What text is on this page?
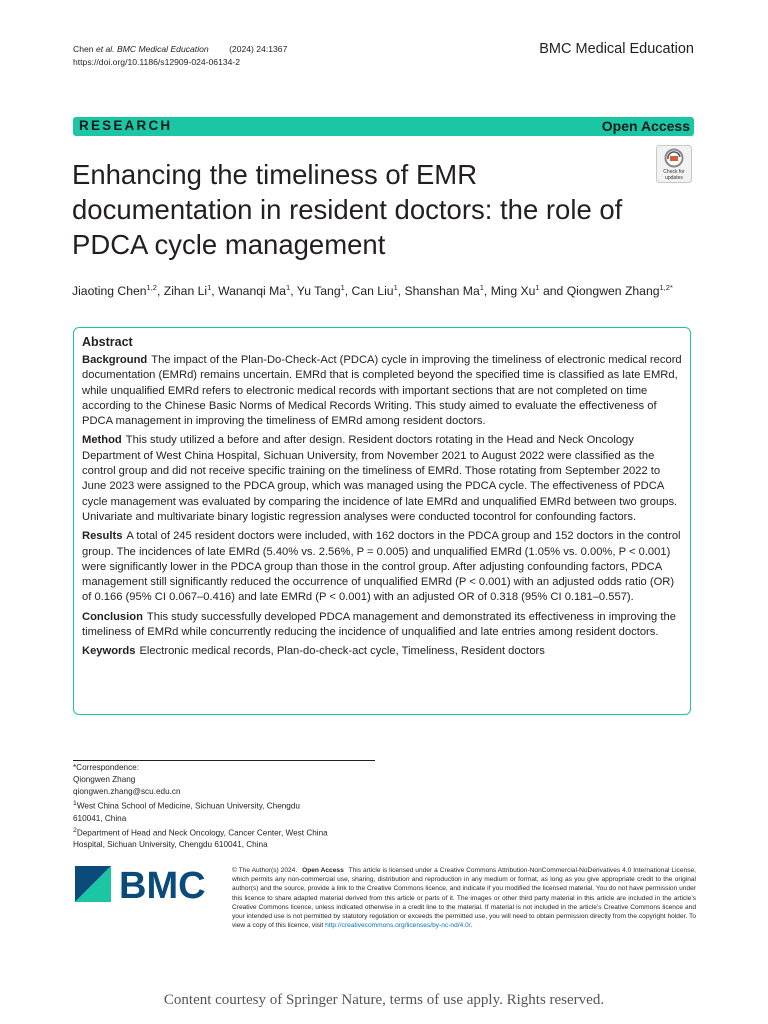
Chen et al. BMC Medical Education (2024) 24:1367
https://doi.org/10.1186/s12909-024-06134-2
BMC Medical Education
RESEARCH	Open Access
Enhancing the timeliness of EMR documentation in resident doctors: the role of PDCA cycle management
Check for
updates
Jiaoting Chen$^{1,2}$, Zihan Li$^1$, Wananqi Ma$^1$, Yu Tang$^1$, Can Liu$^1$, Shanshan Ma$^1$, Ming Xu$^1$ and Qiongwen Zhang$^{1,2*}$
Abstract

Background The impact of the Plan-Do-Check-Act (PDCA) cycle in improving the timeliness of electronic medical record documentation (EMRd) remains uncertain. EMRd that is completed beyond the specified time is classified as late EMRd, while unqualified EMRd refers to electronic medical records with important sections that are not completed on time according to the Chinese Basic Norms of Medical Records Writing. This study aimed to evaluate the effectiveness of PDCA management in improving the timeliness of EMRd among resident doctors.

Method This study utilized a before and after design. Resident doctors rotating in the Head and Neck Oncology Department of West China Hospital, Sichuan University, from November 2021 to August 2022 were classified as the control group and did not receive specific training on the timeliness of EMRd. Those rotating from September 2022 to June 2023 were assigned to the PDCA group, which was managed using the PDCA cycle. The effectiveness of PDCA cycle management was evaluated by comparing the incidence of late EMRd and unqualified EMRd between two groups. Univariate and multivariate binary logistic regression analyses were conducted tocontrol for confounding factors.

Results A total of 245 resident doctors were included, with 162 doctors in the PDCA group and 152 doctors in the control group. The incidences of late EMRd (5.40% vs. 2.56%, P = 0.005) and unqualified EMRd (1.05% vs. 0.00%, P < 0.001) were significantly lower in the PDCA group than those in the control group. After adjusting confounding factors, PDCA management still significantly reduced the occurrence of unqualified EMRd (P < 0.001) with an adjusted odds ratio (OR) of 0.166 (95% CI 0.067–0.416) and late EMRd (P < 0.001) with an adjusted OR of 0.318 (95% CI 0.181–0.557).

Conclusion This study successfully developed PDCA management and demonstrated its effectiveness in improving the timeliness of EMRd while concurrently reducing the incidence of unqualified and late entries among resident doctors.

Keywords Electronic medical records, Plan-do-check-act cycle, Timeliness, Resident doctors

*Correspondence:
Qiongwen Zhang
qiongwen.zhang@scu.edu.cn
$^1$West China School of Medicine, Sichuan University, Chengdu
610041, China
$^2$Department of Head and Neck Oncology, Cancer Center, West China
Hospital, Sichuan University, Chengdu 610041, China
BMC	© The Author(s) 2024. Open Access This article is licensed under a Creative Commons Attribution-NonCommercial-NoDerivatives 4.0 International License, which permits any non-commercial use, sharing, distribution and reproduction in any medium or format, as long as you give appropriate credit to the original author(s) and the source, provide a link to the Creative Commons licence, and indicate if you modified the licensed material. You do not have permission under this licence to share adapted material derived from this article or parts of it. The images or other third party material in this article are included in the article’s Creative Commons licence, unless indicated otherwise in a credit line to the material. If material is not included in the article’s Creative Commons licence and your intended use is not permitted by statutory regulation or exceeds the permitted use, you will need to obtain permission directly from the copyright holder. To view a copy of this licence, visit http://creativecommons.org/licenses/by-nc-nd/4.0/.
Content courtesy of Springer Nature, terms of use apply. Rights reserved.
